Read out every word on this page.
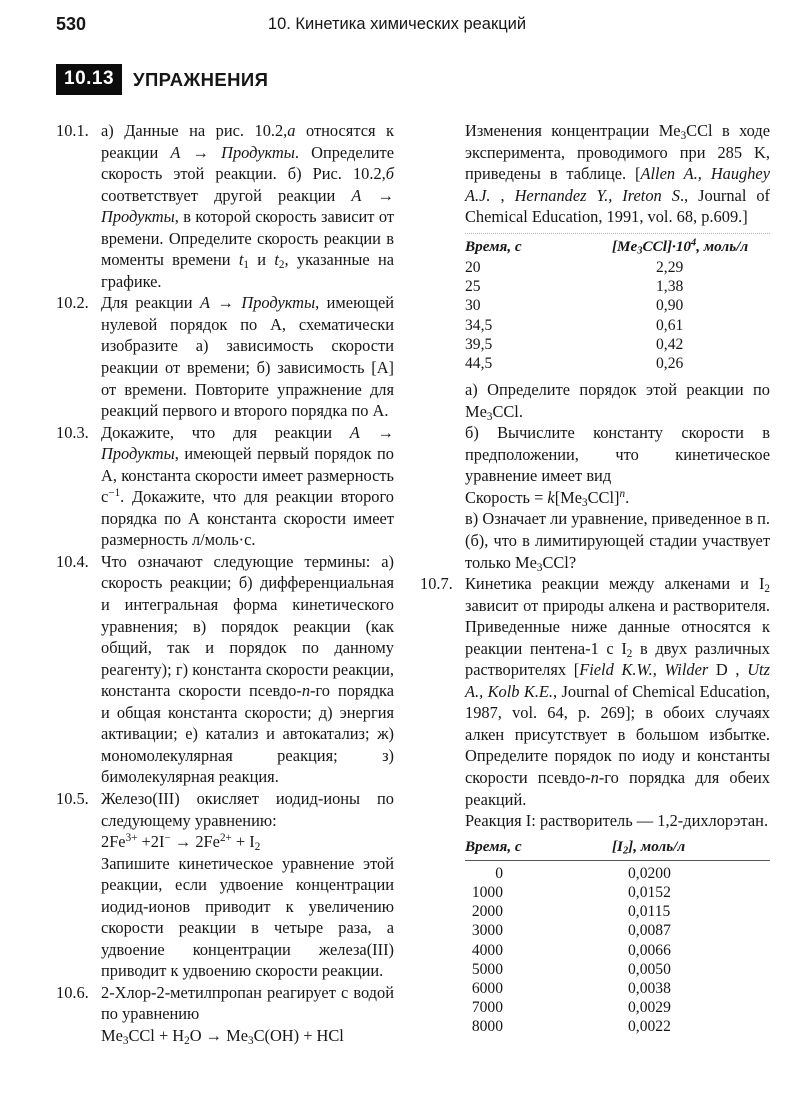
530	10. Кинетика химических реакций
10.13	УПРАЖНЕНИЯ
10.1. а) Данные на рис. 10.2,а относятся к реакции А → Продукты. Определите скорость этой реакции. б) Рис. 10.2,б соответствует другой реакции А → Продукты, в которой скорость зависит от времени. Определите скорость реакции в моменты времени $t_1$ и $t_2$, указанные на графике.
10.2. Для реакции А → Продукты, имеющей нулевой порядок по А, схематически изобразите а) зависимость скорости реакции от времени; б) зависимость [А] от времени. Повторите упражнение для реакций первого и второго порядка по А.
10.3. Докажите, что для реакции А → Продукты, имеющей первый порядок по А, константа скорости имеет размерность $с^{-1}$. Докажите, что для реакции второго порядка по А константа скорости имеет размерность л/моль·с.
10.4. Что означают следующие термины: а) скорость реакции; б) дифференциальная и интегральная форма кинетического уравнения; в) порядок реакции (как общий, так и порядок по данному реагенту); г) константа скорости реакции, константа скорости псевдо-n-го порядка и общая константа скорости; д) энергия активации; е) катализ и автокатализ; ж) мономолекулярная реакция; з) бимолекулярная реакция.
10.5. Железо(III) окисляет иодид-ионы по следующему уравнению:
$2Fe^{3+} +2I^- \to 2Fe^{2+} + I_2$
Запишите кинетическое уравнение этой реакции, если удвоение концентрации иодид-ионов приводит к увеличению скорости реакции в четыре раза, а удвоение концентрации железа(III) приводит к удвоению скорости реакции.
10.6. 2-Хлор-2-метилпропан реагирует с водой по уравнению
$Me_3CCl + H_2O \to Me_3C(OH)$ + HCl
Изменения концентрации $Me_3CCl$ в ходе эксперимента, проводимого при 285 K, приведены в таблице. [Allen A., Haughey A.J. , Hernandez Y., Ireton S., Journal of Chemical Education, 1991, vol. 68, p.609.]
Время, с	$[Me_3CCl]\cdot 10^4$, моль/л
20	2,29
25	1,38
30	0,90
34,5	0,61
39,5	0,42
44,5	0,26
а) Определите порядок этой реакции по $Me_3CCl$.
б) Вычислите константу скорости в предположении, что кинетическое уравнение имеет вид
Скорость = $k[Me_3CCl]^n$.
в) Означает ли уравнение, приведенное в п. (б), что в лимитирующей стадии участвует только $Me_3CCl$?
10.7. Кинетика реакции между алкенами и $I_2$ зависит от природы алкена и растворителя. Приведенные ниже данные относятся к реакции пентена-1 с $I_2$ в двух различных растворителях [Field K.W., Wilder D , Utz A., Kolb K.E., Journal of Chemical Education, 1987, vol. 64, p. 269]; в обоих случаях алкен присутствует в большом избытке. Определите порядок по иоду и константы скорости псевдо-n-го порядка для обеих реакций.
Реакция I: растворитель — 1,2-дихлорэтан.
Время, с	$[I_2]$, моль/л
0	0,0200
1000	0,0152
2000	0,0115
3000	0,0087
4000	0,0066
5000	0,0050
6000	0,0038
7000	0,0029
8000	0,0022
